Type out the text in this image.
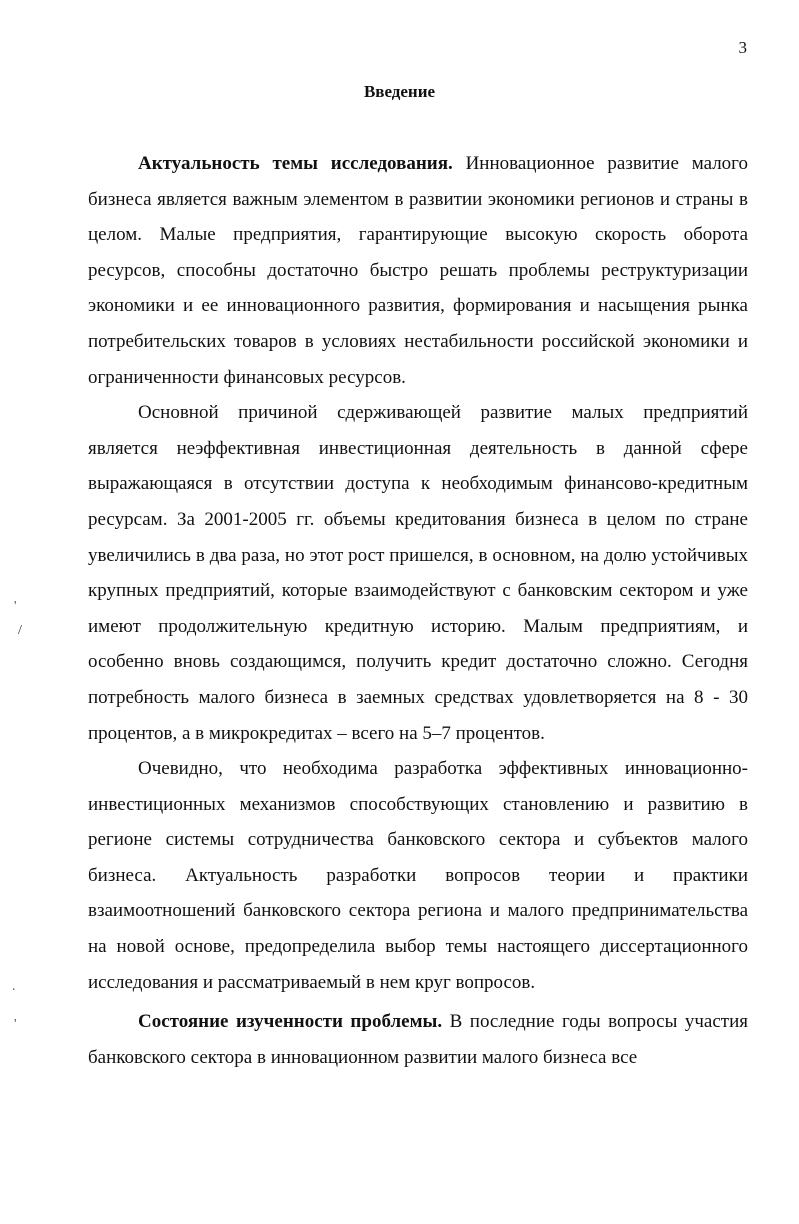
3
Введение

Актуальность темы исследования. Инновационное развитие малого бизнеса является важным элементом в развитии экономики регионов и страны в целом. Малые предприятия, гарантирующие высокую скорость оборота ресурсов, способны достаточно быстро решать проблемы реструктуризации экономики и ее инновационного развития, формирования и насыщения рынка потребительских товаров в условиях нестабильности российской экономики и ограниченности финансовых ресурсов.

Основной причиной сдерживающей развитие малых предприятий является неэффективная инвестиционная деятельность в данной сфере выражающаяся в отсутствии доступа к необходимым финансово-кредитным ресурсам. За 2001-2005 гг. объемы кредитования бизнеса в целом по стране увеличились в два раза, но этот рост пришелся, в основном, на долю устойчивых крупных предприятий, которые взаимодействуют с банковским сектором и уже имеют продолжительную кредитную историю. Малым предприятиям, и особенно вновь создающимся, получить кредит достаточно сложно. Сегодня потребность малого бизнеса в заемных средствах удовлетворяется на 8 - 30 процентов, а в микрокредитах – всего на 5–7 процентов.

Очевидно, что необходима разработка эффективных инновационно-инвестиционных механизмов способствующих становлению и развитию в регионе системы сотрудничества банковского сектора и субъектов малого бизнеса. Актуальность разработки вопросов теории и практики взаимоотношений банковского сектора региона и малого предпринимательства на новой основе, предопределила выбор темы настоящего диссертационного исследования и рассматриваемый в нем круг вопросов.

Состояние изученности проблемы. В последние годы вопросы участия банковского сектора в инновационном развитии малого бизнеса все

'
/
.
'
